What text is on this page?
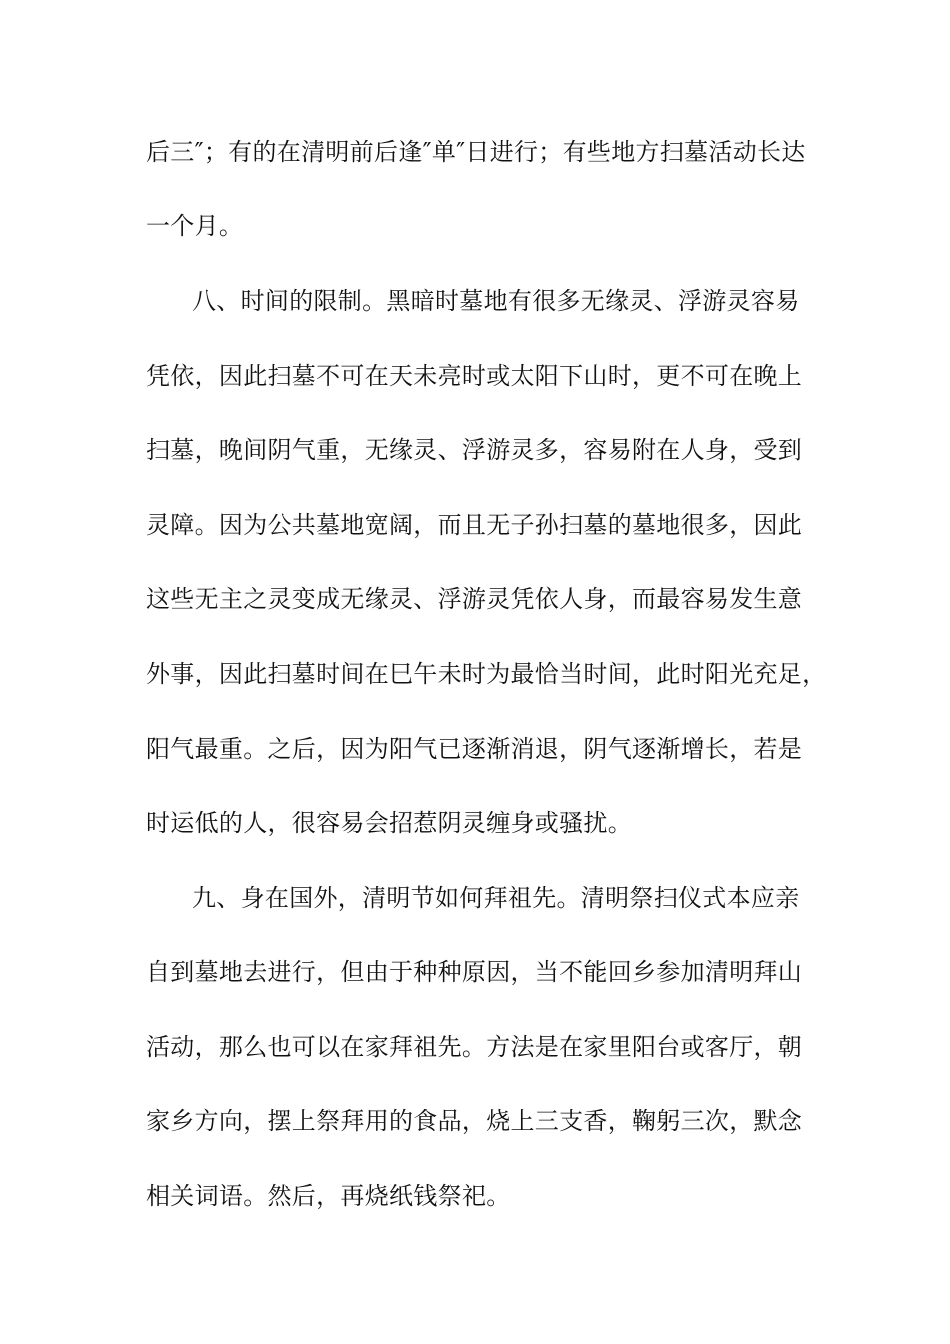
后三″；有的在清明前后逢″单″日进行；有些地方扫墓活动长达
一个月。
八、时间的限制。黑暗时墓地有很多无缘灵、浮游灵容易
凭依，因此扫墓不可在天未亮时或太阳下山时，更不可在晚上
扫墓，晚间阴气重，无缘灵、浮游灵多，容易附在人身，受到
灵障。因为公共墓地宽阔，而且无子孙扫墓的墓地很多，因此
这些无主之灵变成无缘灵、浮游灵凭依人身，而最容易发生意
外事，因此扫墓时间在巳午未时为最恰当时间，此时阳光充足，
阳气最重。之后，因为阳气已逐渐消退，阴气逐渐增长，若是
时运低的人，很容易会招惹阴灵缠身或骚扰。
九、身在国外，清明节如何拜祖先。清明祭扫仪式本应亲
自到墓地去进行，但由于种种原因，当不能回乡参加清明拜山
活动，那么也可以在家拜祖先。方法是在家里阳台或客厅，朝
家乡方向，摆上祭拜用的食品，烧上三支香，鞠躬三次，默念
相关词语。然后，再烧纸钱祭祀。
